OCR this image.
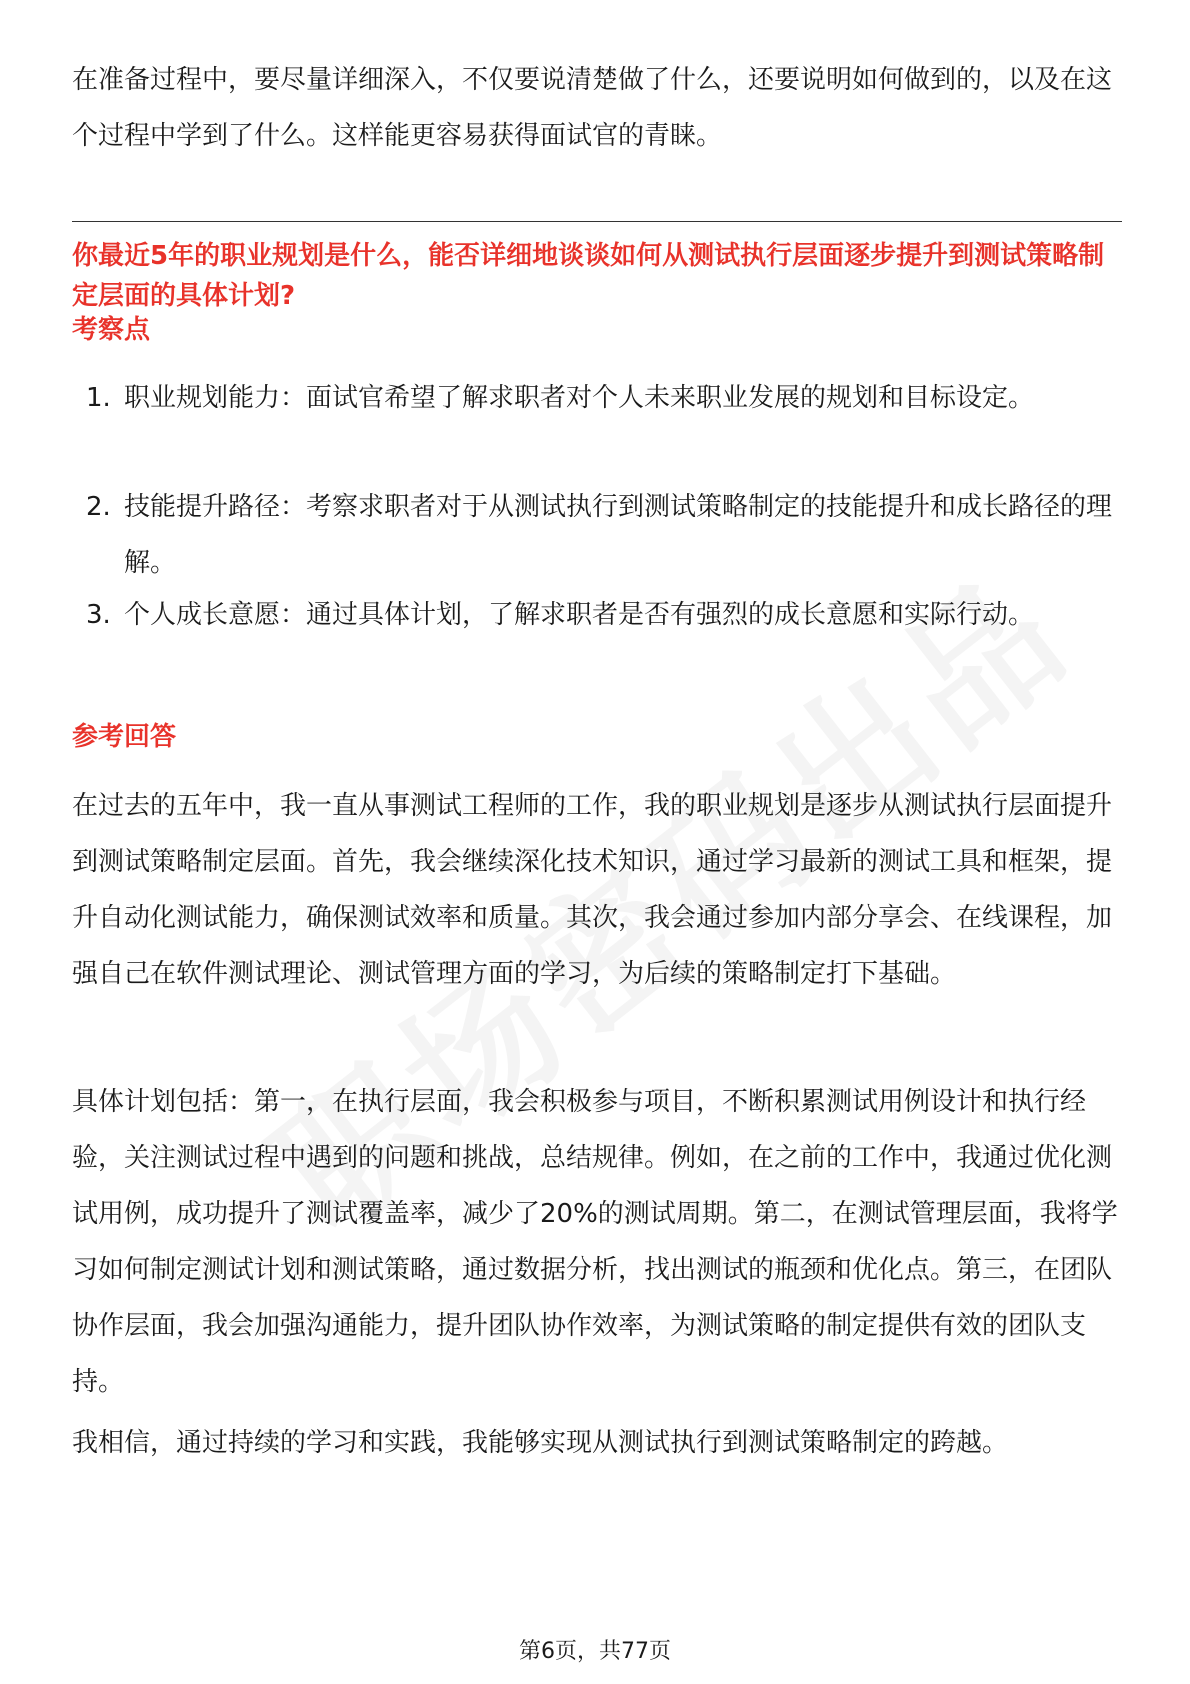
在准备过程中，要尽量详细深入，不仅要说清楚做了什么，还要说明如何做到的，以及在这个过程中学到了什么。这样能更容易获得面试官的青睐。

你最近5年的职业规划是什么，能否详细地谈谈如何从测试执行层面逐步提升到测试策略制定层面的具体计划?
考察点
1. 职业规划能力：面试官希望了解求职者对个人未来职业发展的规划和目标设定。
2. 技能提升路径：考察求职者对于从测试执行到测试策略制定的技能提升和成长路径的理解。
3. 个人成长意愿：通过具体计划，了解求职者是否有强烈的成长意愿和实际行动。
参考回答

在过去的五年中，我一直从事测试工程师的工作，我的职业规划是逐步从测试执行层面提升到测试策略制定层面。首先，我会继续深化技术知识，通过学习最新的测试工具和框架，提升自动化测试能力，确保测试效率和质量。其次，我会通过参加内部分享会、在线课程，加强自己在软件测试理论、测试管理方面的学习，为后续的策略制定打下基础。

具体计划包括：第一，在执行层面，我会积极参与项目，不断积累测试用例设计和执行经验，关注测试过程中遇到的问题和挑战，总结规律。例如，在之前的工作中，我通过优化测试用例，成功提升了测试覆盖率，减少了20%的测试周期。第二，在测试管理层面，我将学习如何制定测试计划和测试策略，通过数据分析，找出测试的瓶颈和优化点。第三，在团队协作层面，我会加强沟通能力，提升团队协作效率，为测试策略的制定提供有效的团队支持。

我相信，通过持续的学习和实践，我能够实现从测试执行到测试策略制定的跨越。

第6页，共77页
